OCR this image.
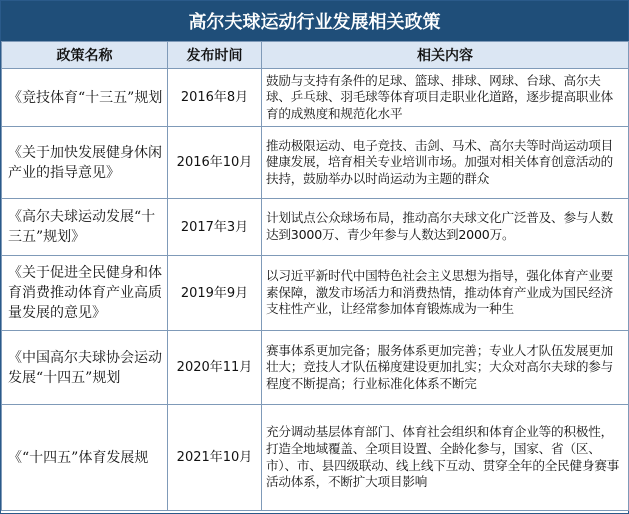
高尔夫球运动行业发展相关政策
政策名称	发布时间	相关内容
《竞技体育“十三五”规划	2016年8月	鼓励与支持有条件的足球、篮球、排球、网球、台球、高尔夫球、乒乓球、羽毛球等体育项目走职业化道路，逐步提高职业体育的成熟度和规范化水平
《关于加快发展健身休闲产业的指导意见》	2016年10月	推动极限运动、电子竞技、击剑、马术、高尔夫等时尚运动项目健康发展，培育相关专业培训市场。加强对相关体育创意活动的扶持，鼓励举办以时尚运动为主题的群众
《高尔夫球运动发展“十三五”规划》	2017年3月	计划试点公众球场布局，推动高尔夫球文化广泛普及、参与人数达到3000万、青少年参与人数达到2000万。
《关于促进全民健身和体育消费推动体育产业高质量发展的意见》	2019年9月	以习近平新时代中国特色社会主义思想为指导，强化体育产业要素保障，激发市场活力和消费热情，推动体育产业成为国民经济支柱性产业，让经常参加体育锻炼成为一种生
《中国高尔夫球协会运动发展“十四五”规划	2020年11月	赛事体系更加完备；服务体系更加完善；专业人才队伍发展更加壮大；竞技人才队伍梯度建设更加扎实；大众对高尔夫球的参与程度不断提高；行业标准化体系不断完
《“十四五”体育发展规	2021年10月	充分调动基层体育部门、体育社会组织和体育企业等的积极性，打造全地域覆盖、全项目设置、全龄化参与，国家、省（区、市）、市、县四级联动、线上线下互动、贯穿全年的全民健身赛事活动体系，不断扩大项目影响
